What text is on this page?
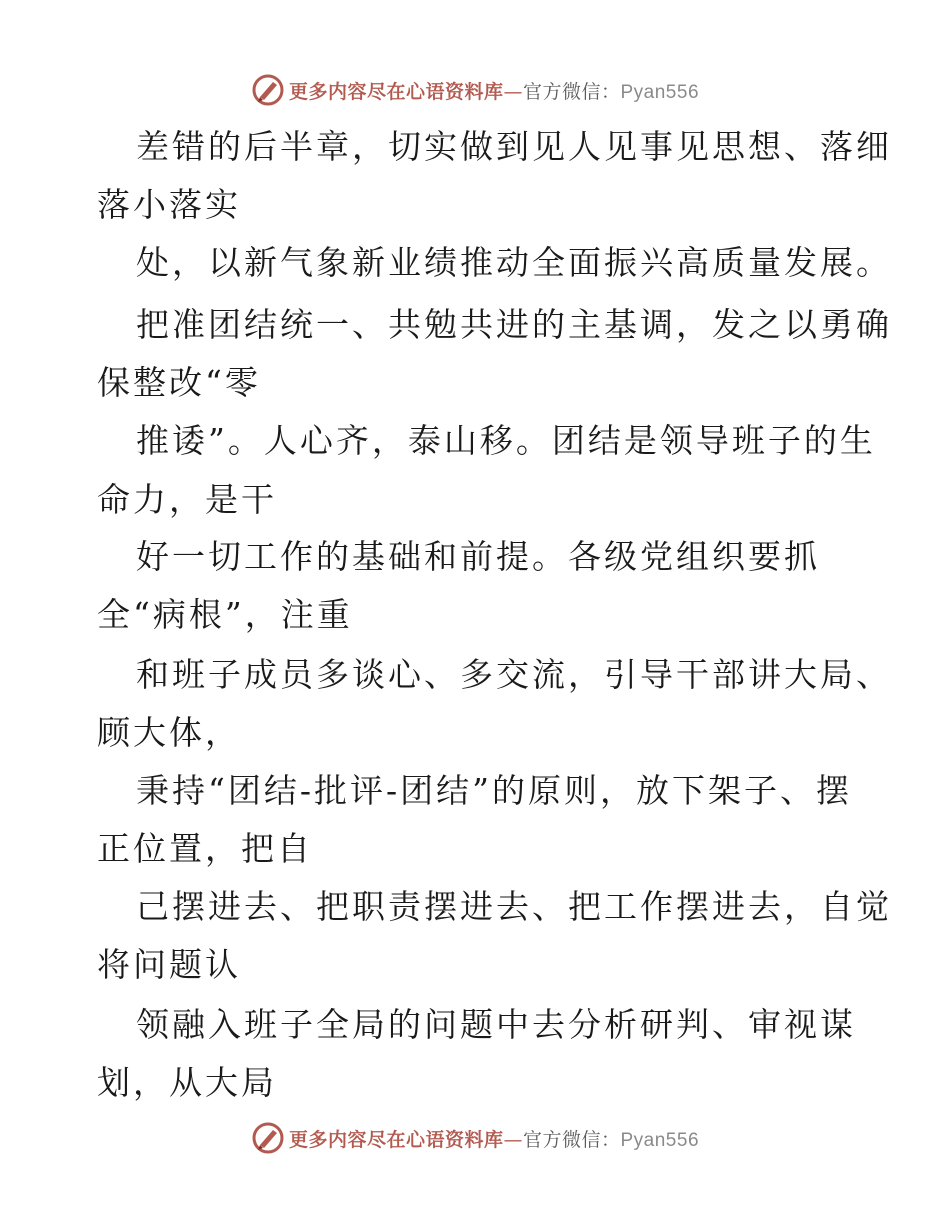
更多内容尽在心语资料库—官方微信：Pyan556
差错的后半章，切实做到见人见事见思想、落细
落小落实
处，以新气象新业绩推动全面振兴高质量发展。
把准团结统一、共勉共进的主基调，发之以勇确
保整改“零
推诿”。人心齐，泰山移。团结是领导班子的生
命力，是干
好一切工作的基础和前提。各级党组织要抓
全“病根”，注重
和班子成员多谈心、多交流，引导干部讲大局、
顾大体，
秉持“团结-批评-团结”的原则，放下架子、摆
正位置，把自
己摆进去、把职责摆进去、把工作摆进去，自觉
将问题认
领融入班子全局的问题中去分析研判、审视谋
划，从大局
更多内容尽在心语资料库—官方微信：Pyan556
